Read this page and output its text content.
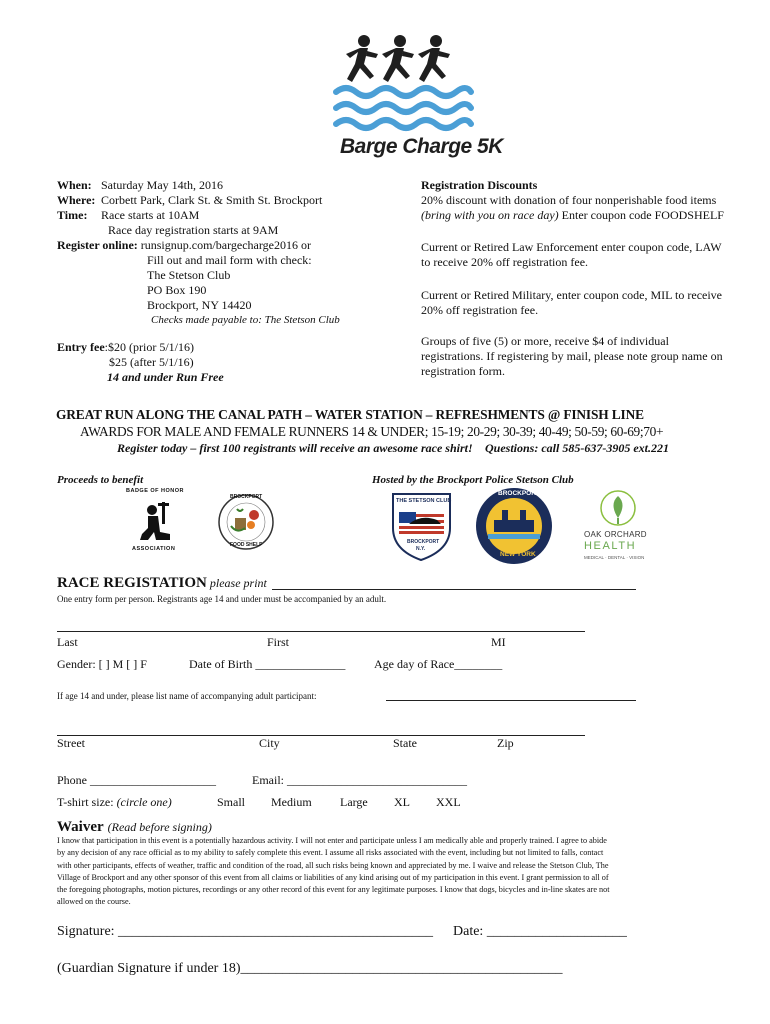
Barge Charge 5K
When: Saturday May 14th, 2016
Where: Corbett Park, Clark St. & Smith St. Brockport
Time: Race starts at 10AM
Race day registration starts at 9AM
Register online: runsignup.com/bargecharge2016 or
Fill out and mail form with check:
The Stetson Club
PO Box 190
Brockport, NY 14420
Checks made payable to: The Stetson Club
Entry fee:$20 (prior 5/1/16)
$25 (after 5/1/16)
14 and under Run Free
Registration Discounts
20% discount with donation of four nonperishable food items
(bring with you on race day) Enter coupon code FOODSHELF
Current or Retired Law Enforcement enter coupon code, LAW
to receive 20% off registration fee.
Current or Retired Military, enter coupon code, MIL to receive
20% off registration fee.
Groups of five (5) or more, receive $4 of individual
registrations. If registering by mail, please note group name on
registration form.
GREAT RUN ALONG THE CANAL PATH – WATER STATION – REFRESHMENTS @ FINISH LINE
AWARDS FOR MALE AND FEMALE RUNNERS 14 & UNDER; 15-19; 20-29; 30-39; 40-49; 50-59; 60-69;70+
Register today – first 100 registrants will receive an awesome race shirt! Questions: call 585-637-3905 ext.221
Proceeds to benefit	Hosted by the Brockport Police Stetson Club
BADGE OF HONOR
ASSOCIATION
BROCKPORT
FOOD SHELF
THE STETSON CLUB
BROCKPORT
N.Y.
BROCKPORT
NEW YORK
OAK ORCHARD
HEALTH
MEDICAL · DENTAL · VISION
RACE REGISTATION please print
One entry form per person. Registrants age 14 and under must be accompanied by an adult.
Last	First	MI
Gender: [ ] M [ ] F	Date of Birth _______________ Age day of Race________
If age 14 and under, please list name of accompanying adult participant:
Street	City	State	Zip
Phone _____________________	Email: ______________________________
T-shirt size: (circle one)	Small Medium Large XL XXL
Waiver (Read before signing)
I know that participation in this event is a potentially hazardous activity. I will not enter and participate unless I am medically able and properly trained. I agree to abide
by any decision of any race official as to my ability to safely complete this event. I assume all risks associated with the event, including but not limited to falls, contact
with other participants, effects of weather, traffic and condition of the road, all such risks being known and appreciated by me. I waive and release the Stetson Club, The
Village of Brockport and any other sponsor of this event from all claims or liabilities of any kind arising out of my participation in this event. I grant permission to all of
the foregoing photographs, motion pictures, recordings or any other record of this event for any legitimate purposes. I know that dogs, bicycles and in-line skates are not
allowed on the course.
Signature: _____________________________________________ Date: ____________________
(Guardian Signature if under 18)______________________________________________
